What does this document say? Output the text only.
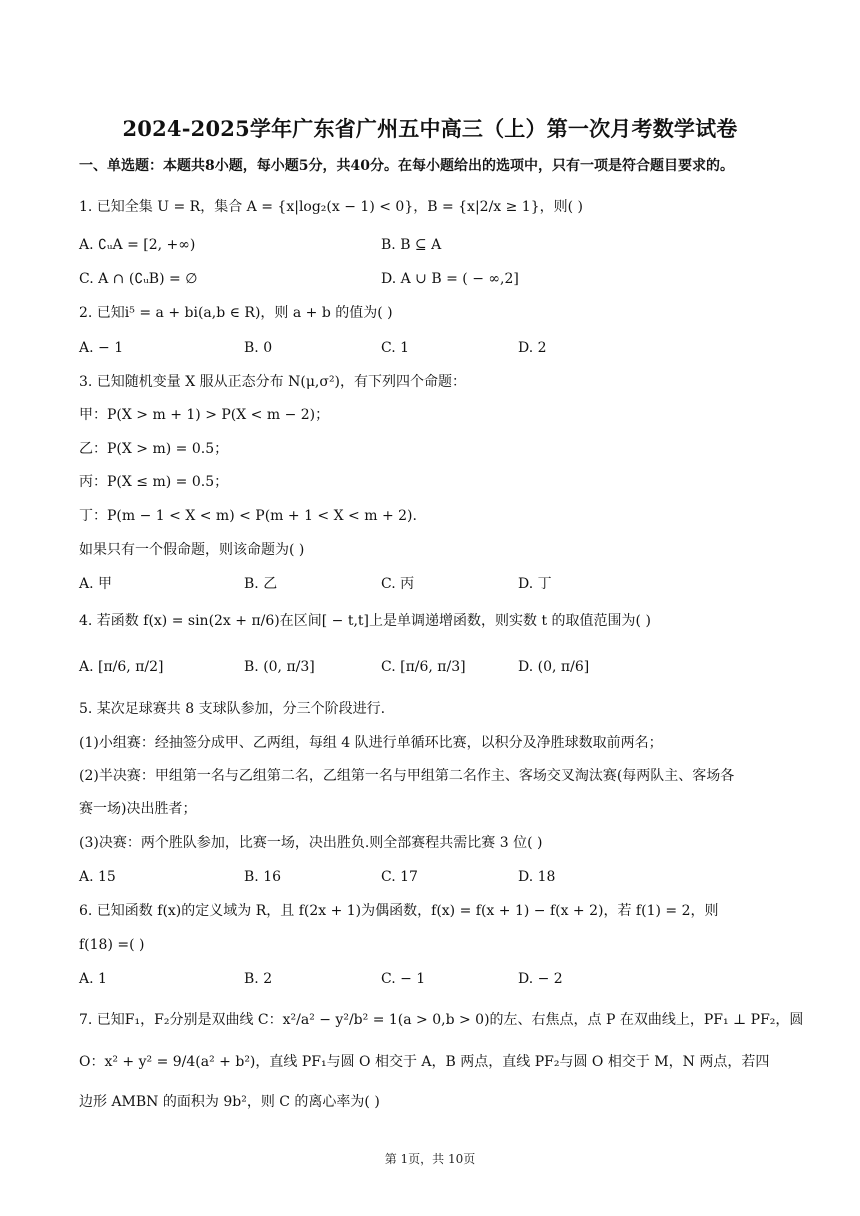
2024-2025学年广东省广州五中高三（上）第一次月考数学试卷
一、单选题：本题共8小题，每小题5分，共40分。在每小题给出的选项中，只有一项是符合题目要求的。
1. 已知全集 U = R，集合 A = {x|log₂(x − 1) < 0}，B = {x|2/x ≥ 1}，则( )
A. ∁ᵤA = [2, +∞)	B. B ⊆ A
C. A ∩ (∁ᵤB) = ∅	D. A ∪ B = ( − ∞,2]
2. 已知i⁵ = a + bi(a,b ∈ R)，则 a + b 的值为( )
A. − 1	B. 0	C. 1	D. 2
3. 已知随机变量 X 服从正态分布 N(μ,σ²)，有下列四个命题：
甲：P(X > m + 1) > P(X < m − 2)；
乙：P(X > m) = 0.5；
丙：P(X ≤ m) = 0.5；
丁：P(m − 1 < X < m) < P(m + 1 < X < m + 2).
如果只有一个假命题，则该命题为( )
A. 甲	B. 乙	C. 丙	D. 丁
4. 若函数 f(x) = sin(2x + π/6)在区间[ − t,t]上是单调递增函数，则实数 t 的取值范围为( )
A. [π/6, π/2]	B. (0, π/3]	C. [π/6, π/3]	D. (0, π/6]
5. 某次足球赛共 8 支球队参加，分三个阶段进行.
(1)小组赛：经抽签分成甲、乙两组，每组 4 队进行单循环比赛，以积分及净胜球数取前两名；
(2)半决赛：甲组第一名与乙组第二名，乙组第一名与甲组第二名作主、客场交叉淘汰赛(每两队主、客场各
赛一场)决出胜者；
(3)决赛：两个胜队参加，比赛一场，决出胜负.则全部赛程共需比赛 3 位( )
A. 15	B. 16	C. 17	D. 18
6. 已知函数 f(x)的定义域为 R，且 f(2x + 1)为偶函数，f(x) = f(x + 1) − f(x + 2)，若 f(1) = 2，则
f(18) =( )
A. 1	B. 2	C. − 1	D. − 2
7. 已知F₁，F₂分别是双曲线 C：x²/a² − y²/b² = 1(a > 0,b > 0)的左、右焦点，点 P 在双曲线上，PF₁ ⊥ PF₂，圆
O：x² + y² = 9/4(a² + b²)，直线 PF₁与圆 O 相交于 A，B 两点，直线 PF₂与圆 O 相交于 M，N 两点，若四
边形 AMBN 的面积为 9b²，则 C 的离心率为( )
第 1页，共 10页
